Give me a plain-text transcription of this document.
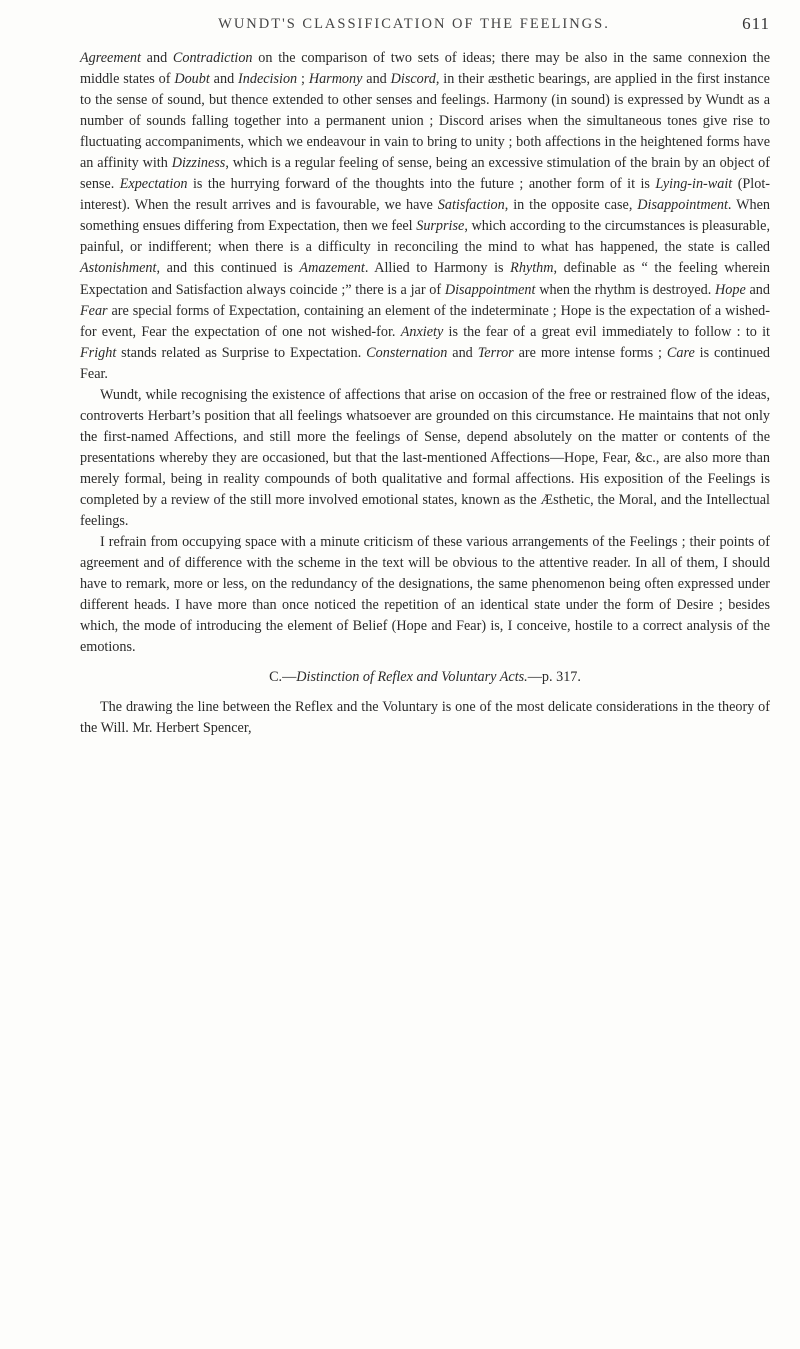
WUNDT'S CLASSIFICATION OF THE FEELINGS.	611

Agreement and Contradiction on the comparison of two sets of ideas; there may be also in the same connexion the middle states of Doubt and Indecision ; Harmony and Discord, in their æsthetic bearings, are applied in the first instance to the sense of sound, but thence extended to other senses and feelings. Harmony (in sound) is expressed by Wundt as a number of sounds falling together into a permanent union ; Discord arises when the simultaneous tones give rise to fluctuating accompaniments, which we endeavour in vain to bring to unity ; both affections in the heightened forms have an affinity with Dizziness, which is a regular feeling of sense, being an excessive stimulation of the brain by an object of sense. Expectation is the hurrying forward of the thoughts into the future ; another form of it is Lying-in-wait (Plot-interest). When the result arrives and is favourable, we have Satisfaction, in the opposite case, Disappointment. When something ensues differing from Expectation, then we feel Surprise, which according to the circumstances is pleasurable, painful, or indifferent; when there is a difficulty in reconciling the mind to what has happened, the state is called Astonishment, and this continued is Amazement. Allied to Harmony is Rhythm, definable as “ the feeling wherein Expectation and Satisfaction always coincide ;” there is a jar of Disappointment when the rhythm is destroyed. Hope and Fear are special forms of Expectation, containing an element of the indeterminate ; Hope is the expectation of a wished-for event, Fear the expectation of one not wished-for. Anxiety is the fear of a great evil immediately to follow : to it Fright stands related as Surprise to Expectation. Consternation and Terror are more intense forms ; Care is continued Fear.

Wundt, while recognising the existence of affections that arise on occasion of the free or restrained flow of the ideas, controverts Herbart’s position that all feelings whatsoever are grounded on this circumstance. He maintains that not only the first-named Affections, and still more the feelings of Sense, depend absolutely on the matter or contents of the presentations whereby they are occasioned, but that the last-mentioned Affections—Hope, Fear, &c., are also more than merely formal, being in reality compounds of both qualitative and formal affections. His exposition of the Feelings is completed by a review of the still more involved emotional states, known as the Æsthetic, the Moral, and the Intellectual feelings.

I refrain from occupying space with a minute criticism of these various arrangements of the Feelings ; their points of agreement and of difference with the scheme in the text will be obvious to the attentive reader. In all of them, I should have to remark, more or less, on the redundancy of the designations, the same phenomenon being often expressed under different heads. I have more than once noticed the repetition of an identical state under the form of Desire ; besides which, the mode of introducing the element of Belief (Hope and Fear) is, I conceive, hostile to a correct analysis of the emotions.

C.—Distinction of Reflex and Voluntary Acts.—p. 317.

The drawing the line between the Reflex and the Voluntary is one of the most delicate considerations in the theory of the Will. Mr. Herbert Spencer,
